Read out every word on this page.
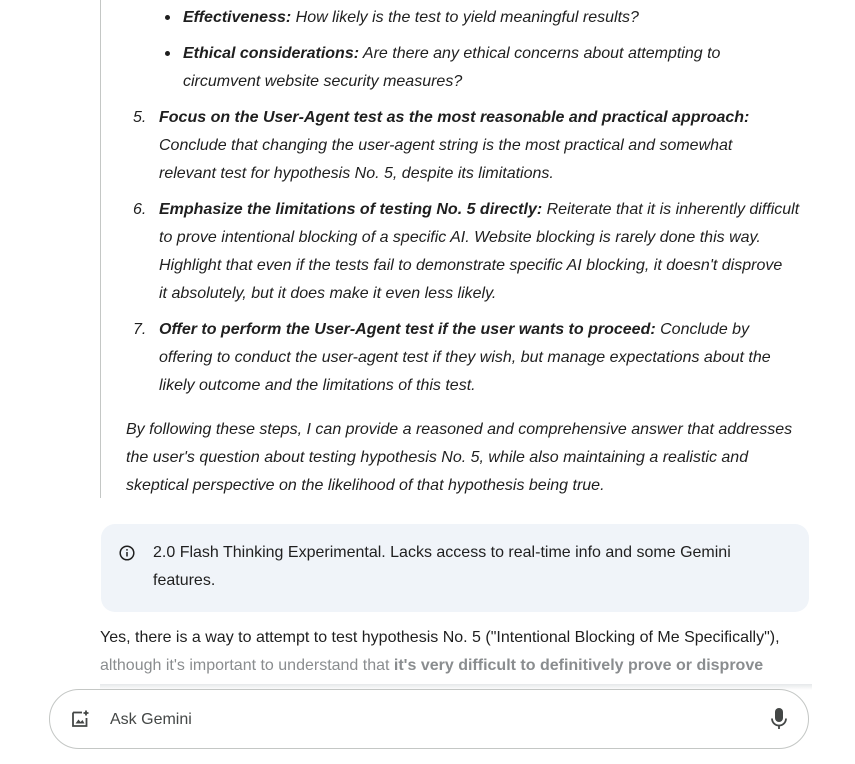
Effectiveness: How likely is the test to yield meaningful results?
Ethical considerations: Are there any ethical concerns about attempting to
circumvent website security measures?
5. Focus on the User-Agent test as the most reasonable and practical approach:
Conclude that changing the user-agent string is the most practical and somewhat
relevant test for hypothesis No. 5, despite its limitations.
6. Emphasize the limitations of testing No. 5 directly: Reiterate that it is inherently difficult
to prove intentional blocking of a specific AI. Website blocking is rarely done this way.
Highlight that even if the tests fail to demonstrate specific AI blocking, it doesn't disprove
it absolutely, but it does make it even less likely.
7. Offer to perform the User-Agent test if the user wants to proceed: Conclude by
offering to conduct the user-agent test if they wish, but manage expectations about the
likely outcome and the limitations of this test.
By following these steps, I can provide a reasoned and comprehensive answer that addresses
the user's question about testing hypothesis No. 5, while also maintaining a realistic and
skeptical perspective on the likelihood of that hypothesis being true.
2.0 Flash Thinking Experimental. Lacks access to real-time info and some Gemini
features.
Yes, there is a way to attempt to test hypothesis No. 5 ("Intentional Blocking of Me Specifically"),
although it's important to understand that it's very difficult to definitively prove or disprove
Ask Gemini
